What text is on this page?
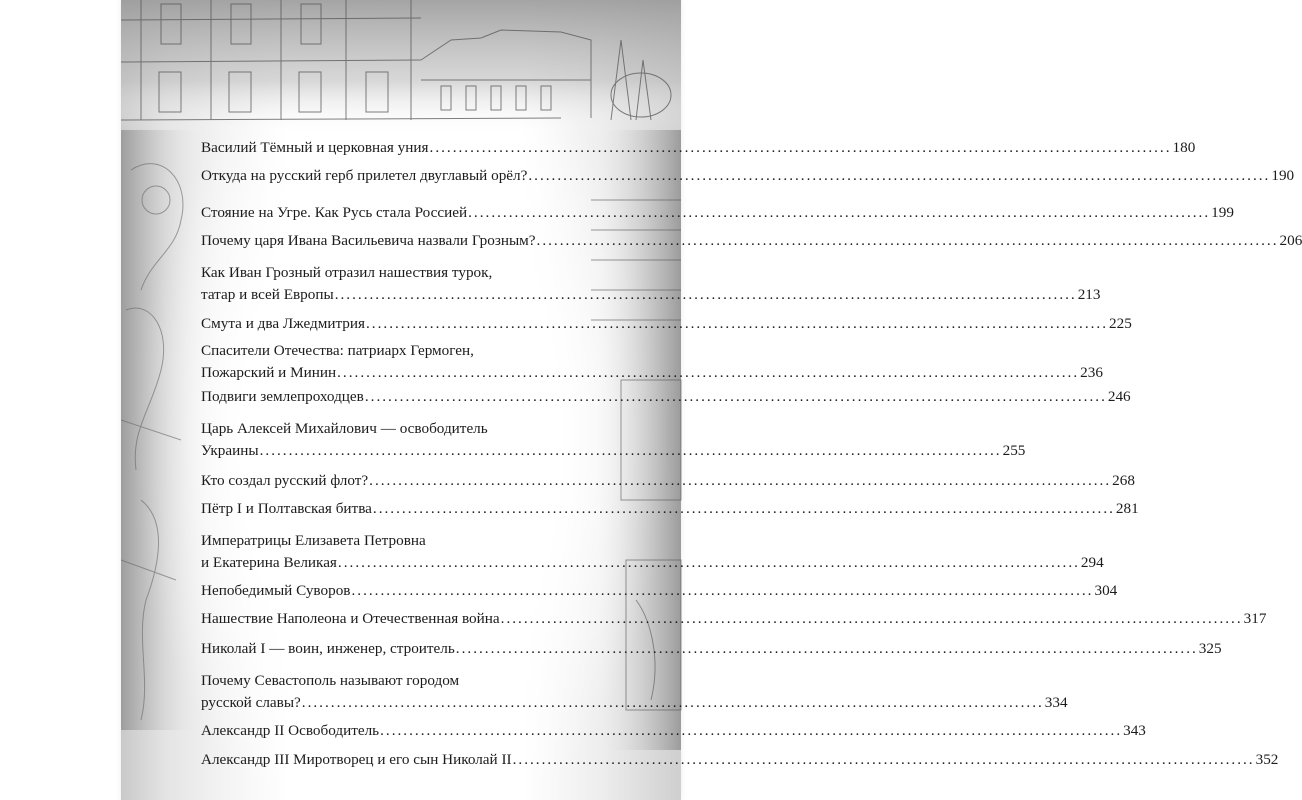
Василий Тёмный и церковная уния ................................................................................................................................ 180
Откуда на русский герб прилетел двуглавый орёл? ................................................................................................................................ 190
Стояние на Угре. Как Русь стала Россией ................................................................................................................................ 199
Почему царя Ивана Васильевича назвали Грозным? ................................................................................................................................ 206
Как Иван Грозный отразил нашествия турок,
татар и всей Европы ................................................................................................................................ 213
Смута и два Лжедмитрия ................................................................................................................................ 225
Спасители Отечества: патриарх Гермоген,
Пожарский и Минин ................................................................................................................................ 236
Подвиги землепроходцев ................................................................................................................................ 246
Царь Алексей Михайлович — освободитель
Украины ................................................................................................................................ 255
Кто создал русский флот? ................................................................................................................................ 268
Пётр I и Полтавская битва ................................................................................................................................ 281
Императрицы Елизавета Петровна
и Екатерина Великая ................................................................................................................................ 294
Непобедимый Суворов ................................................................................................................................ 304
Нашествие Наполеона и Отечественная война ................................................................................................................................ 317
Николай I — воин, инженер, строитель ................................................................................................................................ 325
Почему Севастополь называют городом
русской славы? ................................................................................................................................ 334
Александр II Освободитель ................................................................................................................................ 343
Александр III Миротворец и его сын Николай II ................................................................................................................................ 352
